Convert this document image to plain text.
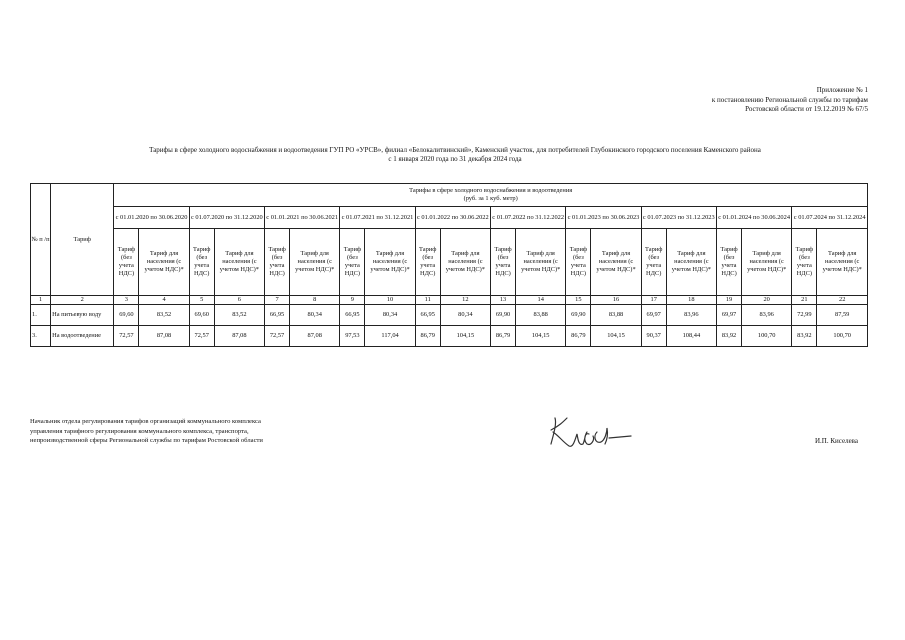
Приложение № 1
к постановлению Региональной службы по тарифам
Ростовской области от 19.12.2019 № 67/5
Тарифы в сфере холодного водоснабжения и водоотведения ГУП РО «УРСВ», филиал «Белокалитвинский», Каменский участок, для потребителей Глубокинского городского поселения Каменского района
с 1 января 2020 года по 31 декабря 2024 года
№ п /п	Тариф	Тарифы в сфере холодного водоснабжения и водоотведения
(руб. за 1 куб. метр)																			

		с 01.01.2020 по 30.06.2020		с 01.07.2020 по 31.12.2020		с 01.01.2021 по 30.06.2021		с 01.07.2021 по 31.12.2021		с 01.01.2022 по 30.06.2022		с 01.07.2022 по 31.12.2022		с 01.01.2023 по 30.06.2023		с 01.07.2023 по 31.12.2023		с 01.01.2024 по 30.06.2024		с 01.07.2024 по 31.12.2024	
		Тариф (без учета НДС)	Тариф для населения (с учетом НДС)*	Тариф (без учета НДС)	Тариф для населения (с учетом НДС)*	Тариф (без учета НДС)	Тариф для населения (с учетом НДС)*	Тариф (без учета НДС)	Тариф для населения (с учетом НДС)*	Тариф (без учета НДС)	Тариф для населения (с учетом НДС)*	Тариф (без учета НДС)	Тариф для населения (с учетом НДС)*	Тариф (без учета НДС)	Тариф для населения (с учетом НДС)*	Тариф (без учета НДС)	Тариф для населения (с учетом НДС)*	Тариф (без учета НДС)	Тариф для населения (с учетом НДС)*	Тариф (без учета НДС)	Тариф для населения (с учетом НДС)*
1	2	3	4	5	6	7	8	9	10	11	12	13	14	15	16	17	18	19	20	21	22
1.	На питьевую воду	69,60	83,52	69,60	83,52	66,95	80,34	66,95	80,34	66,95	80,34	69,90	83,88	69,90	83,88	69,97	83,96	69,97	83,96	72,99	87,59
3.	На водоотведение	72,57	87,08	72,57	87,08	72,57	87,08	97,53	117,04	86,79	104,15	86,79	104,15	86,79	104,15	90,37	108,44	83,92	100,70	83,92	100,70
Начальник отдела регулирования тарифов организаций коммунального комплекса
управления тарифного регулирования коммунального комплекса, транспорта,
непроизводственной сферы Региональной службы по тарифам Ростовской области	И.П. Киселева
